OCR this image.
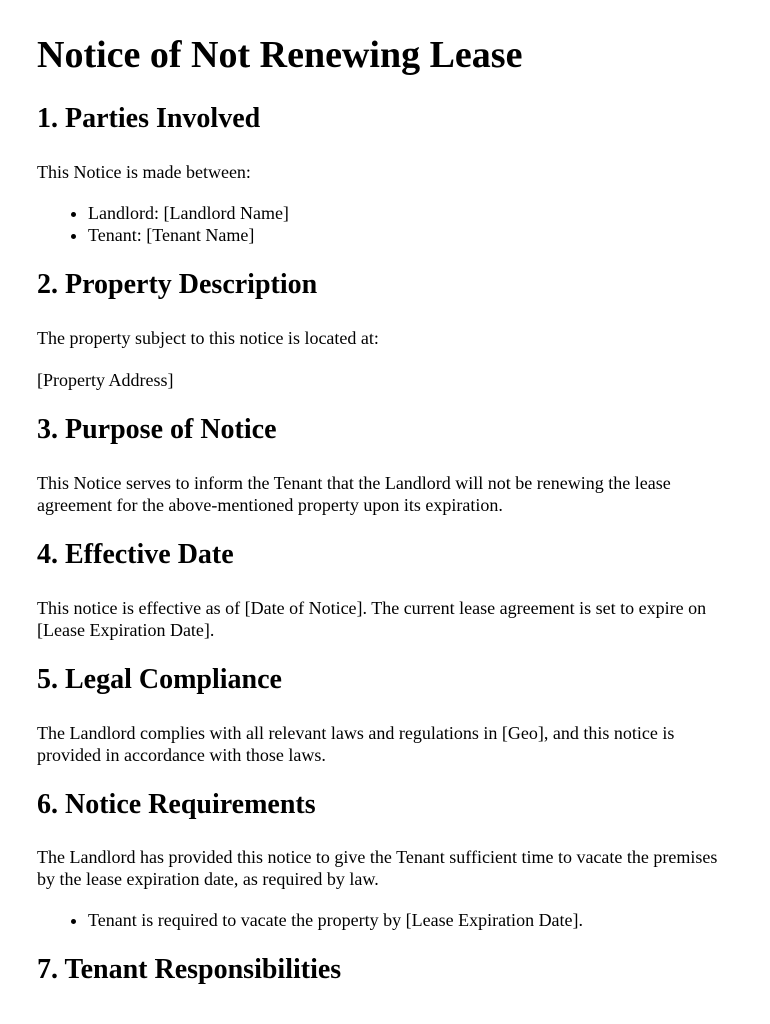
Notice of Not Renewing Lease
1. Parties Involved

This Notice is made between:

• Landlord: [Landlord Name]
• Tenant: [Tenant Name]
2. Property Description

The property subject to this notice is located at:

[Property Address]

3. Purpose of Notice

This Notice serves to inform the Tenant that the Landlord will not be renewing the lease agreement for the above-mentioned property upon its expiration.

4. Effective Date

This notice is effective as of [Date of Notice]. The current lease agreement is set to expire on [Lease Expiration Date].

5. Legal Compliance

The Landlord complies with all relevant laws and regulations in [Geo], and this notice is provided in accordance with those laws.

6. Notice Requirements

The Landlord has provided this notice to give the Tenant sufficient time to vacate the premises by the lease expiration date, as required by law.

• Tenant is required to vacate the property by [Lease Expiration Date].
7. Tenant Responsibilities
